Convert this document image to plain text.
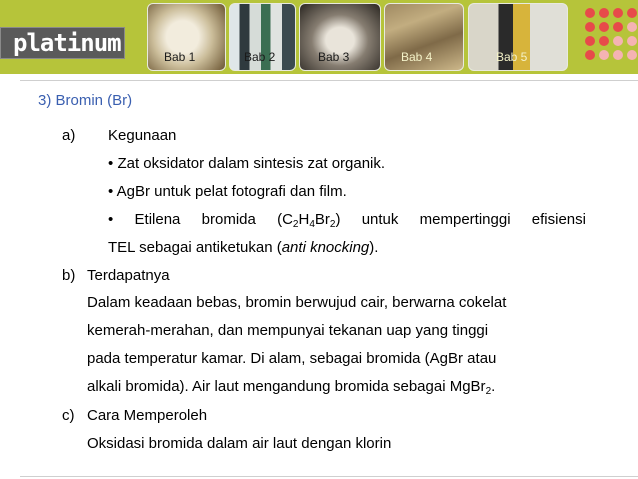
platinum	Bab 1	Bab 2	Bab 3	Bab 4	Bab 5
3) Bromin (Br)
a) Kegunaan
• Zat oksidator dalam sintesis zat organik.
• AgBr untuk pelat fotografi dan film.
• Etilena bromida $(C_2H_4Br_2)$ untuk mempertinggi efisiensi
TEL sebagai antiketukan (anti knocking).
b) Terdapatnya
Dalam keadaan bebas, bromin berwujud cair, berwarna cokelat
kemerah-merahan, dan mempunyai tekanan uap yang tinggi
pada temperatur kamar. Di alam, sebagai bromida (AgBr atau
alkali bromida). Air laut mengandung bromida sebagai MgBr$_2$.
c) Cara Memperoleh
Oksidasi bromida dalam air laut dengan klorin
